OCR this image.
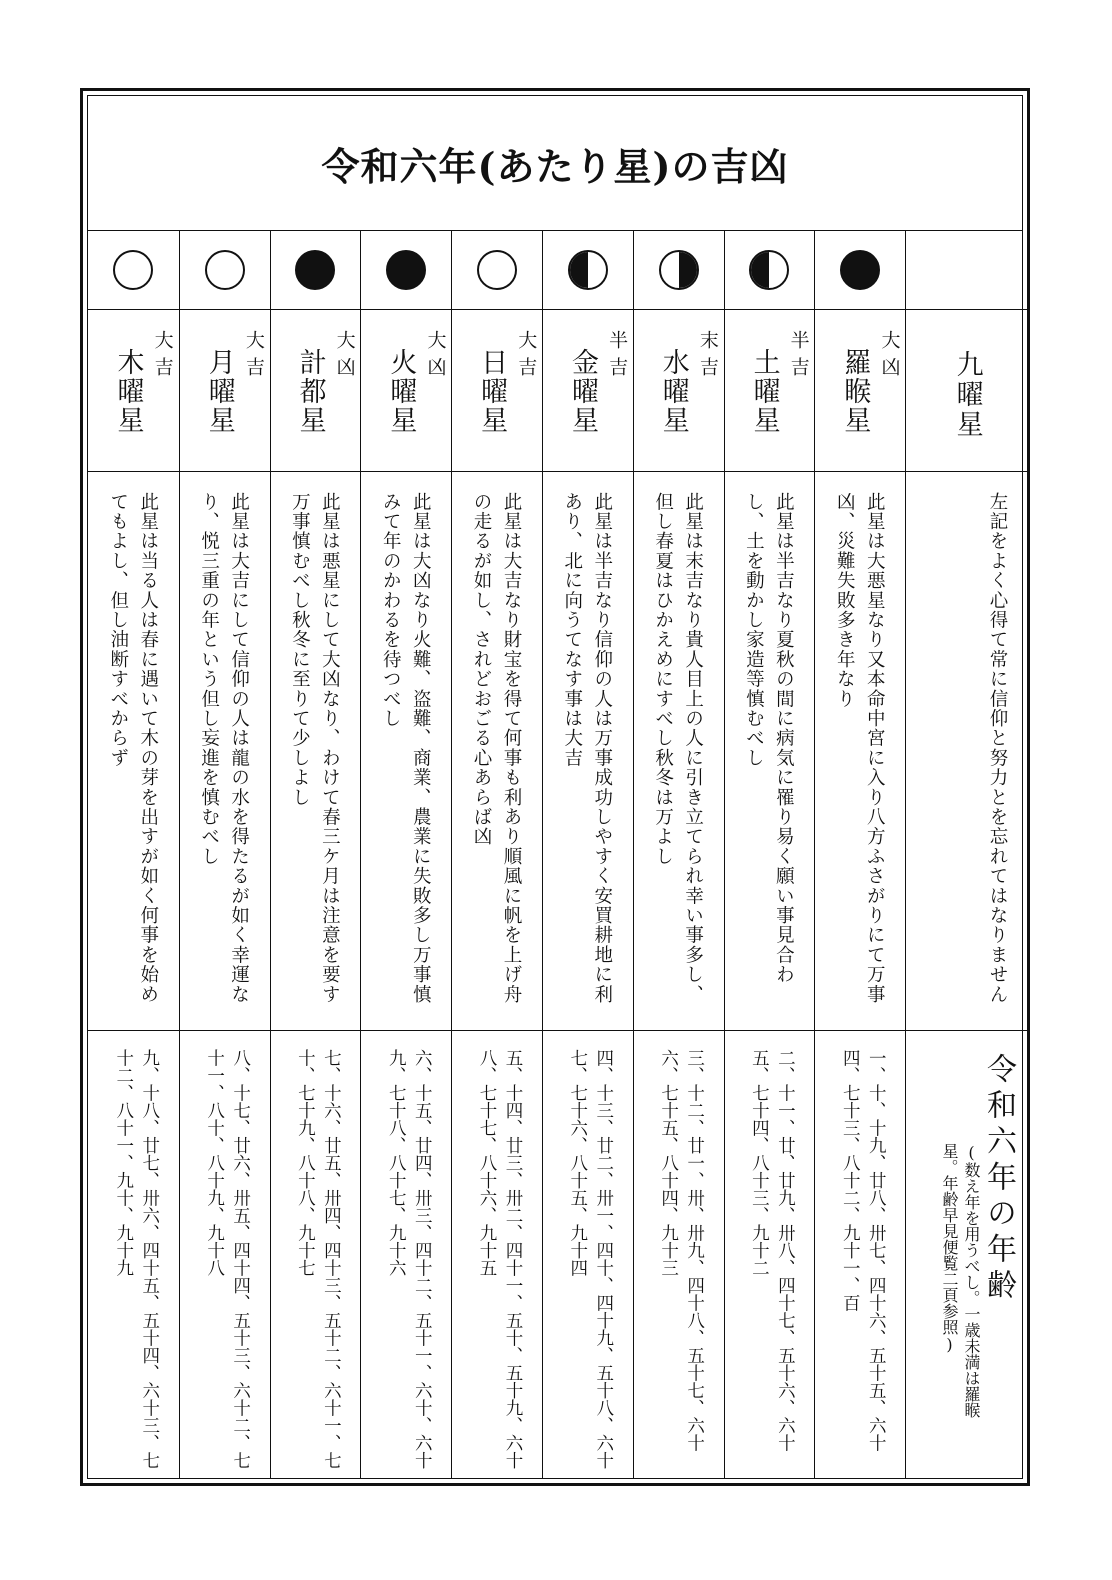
令和六年(あたり星)の吉凶
九曜星
左記をよく心得て常に信仰と努力とを忘れてはなりません
令和六年の年齢
(数え年を用うべし。一歳未満は羅睺星。年齢早見便覧二頁参照)
大凶
羅睺星
此星は大悪星なり又本命中宮に入り八方ふさがりにて万事凶、災難失敗多き年なり
一、十、十九、廿八、卅七、四十六、五十五、六十四、七十三、八十二、九十一、百
半吉
土曜星
此星は半吉なり夏秋の間に病気に罹り易く願い事見合わし、土を動かし家造等慎むべし
二、十一、廿、廿九、卅八、四十七、五十六、六十五、七十四、八十三、九十二
末吉
水曜星
此星は末吉なり貴人目上の人に引き立てられ幸い事多し、但し春夏はひかえめにすべし秋冬は万よし
三、十二、廿一、卅、卅九、四十八、五十七、六十六、七十五、八十四、九十三
半吉
金曜星
此星は半吉なり信仰の人は万事成功しやすく安買耕地に利あり、北に向うてなす事は大吉
四、十三、廿二、卅一、四十、四十九、五十八、六十七、七十六、八十五、九十四
大吉
日曜星
此星は大吉なり財宝を得て何事も利あり順風に帆を上げ舟の走るが如し、されどおごる心あらば凶
五、十四、廿三、卅二、四十一、五十、五十九、六十八、七十七、八十六、九十五
大凶
火曜星
此星は大凶なり火難、盗難、商業、農業に失敗多し万事慎みて年のかわるを待つべし
六、十五、廿四、卅三、四十二、五十一、六十、六十九、七十八、八十七、九十六
大凶
計都星
此星は悪星にして大凶なり、わけて春三ケ月は注意を要す万事慎むべし秋冬に至りて少しよし
七、十六、廿五、卅四、四十三、五十二、六十一、七十、七十九、八十八、九十七
大吉
月曜星
此星は大吉にして信仰の人は龍の水を得たるが如く幸運なり、悦三重の年という但し妄進を慎むべし
八、十七、廿六、卅五、四十四、五十三、六十二、七十一、八十、八十九、九十八
大吉
木曜星
此星は当る人は春に遇いて木の芽を出すが如く何事を始めてもよし、但し油断すべからず
九、十八、廿七、卅六、四十五、五十四、六十三、七十二、八十一、九十、九十九
